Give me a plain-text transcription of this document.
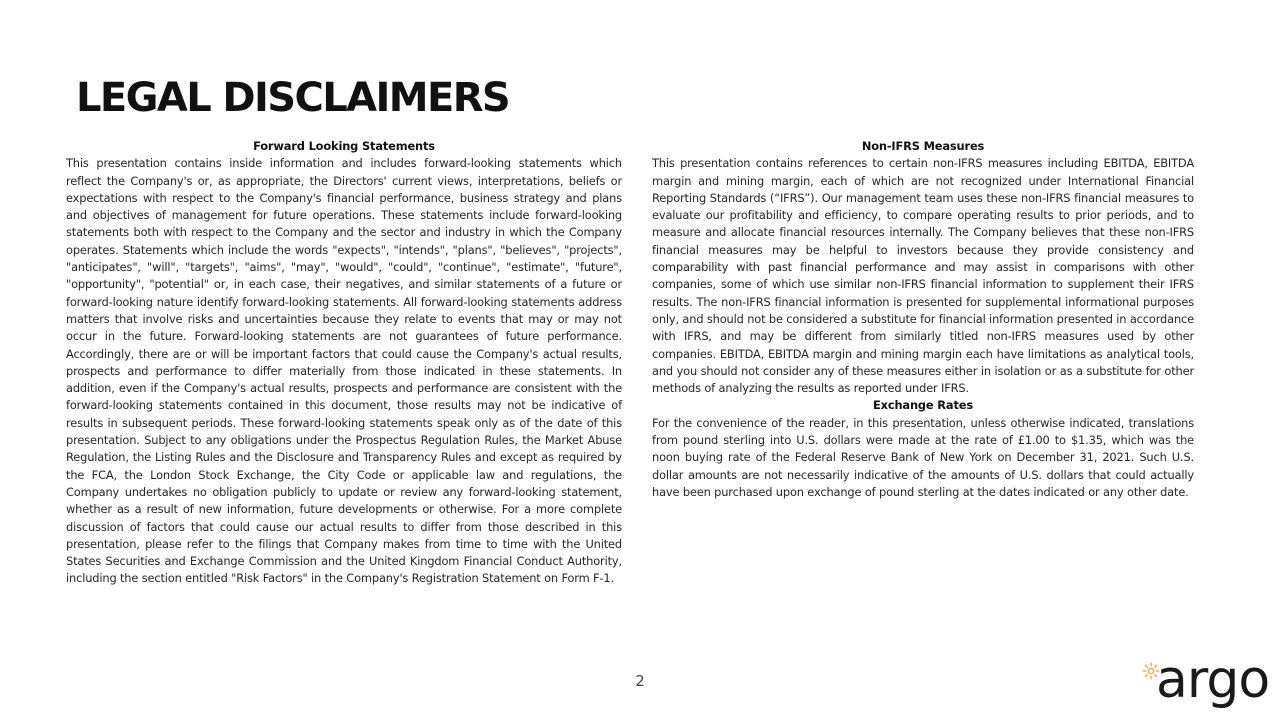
LEGAL DISCLAIMERS
Forward Looking Statements

This presentation contains inside information and includes forward-looking statements which reflect the Company's or, as appropriate, the Directors' current views, interpretations, beliefs or expectations with respect to the Company's financial performance, business strategy and plans and objectives of management for future operations. These statements include forward-looking statements both with respect to the Company and the sector and industry in which the Company operates. Statements which include the words "expects", "intends", "plans", "believes", "projects", "anticipates", "will", "targets", "aims", "may", "would", "could", "continue", "estimate", "future", "opportunity", "potential" or, in each case, their negatives, and similar statements of a future or forward-looking nature identify forward-looking statements. All forward-looking statements address matters that involve risks and uncertainties because they relate to events that may or may not occur in the future. Forward-looking statements are not guarantees of future performance. Accordingly, there are or will be important factors that could cause the Company's actual results, prospects and performance to differ materially from those indicated in these statements. In addition, even if the Company's actual results, prospects and performance are consistent with the forward-looking statements contained in this document, those results may not be indicative of results in subsequent periods. These forward-looking statements speak only as of the date of this presentation. Subject to any obligations under the Prospectus Regulation Rules, the Market Abuse Regulation, the Listing Rules and the Disclosure and Transparency Rules and except as required by the FCA, the London Stock Exchange, the City Code or applicable law and regulations, the Company undertakes no obligation publicly to update or review any forward-looking statement, whether as a result of new information, future developments or otherwise. For a more complete discussion of factors that could cause our actual results to differ from those described in this presentation, please refer to the filings that Company makes from time to time with the United States Securities and Exchange Commission and the United Kingdom Financial Conduct Authority, including the section entitled "Risk Factors" in the Company's Registration Statement on Form F-1.

Non-IFRS Measures

This presentation contains references to certain non-IFRS measures including EBITDA, EBITDA margin and mining margin, each of which are not recognized under International Financial Reporting Standards (“IFRS”). Our management team uses these non-IFRS financial measures to evaluate our profitability and efficiency, to compare operating results to prior periods, and to measure and allocate financial resources internally. The Company believes that these non-IFRS financial measures may be helpful to investors because they provide consistency and comparability with past financial performance and may assist in comparisons with other companies, some of which use similar non-IFRS financial information to supplement their IFRS results. The non-IFRS financial information is presented for supplemental informational purposes only, and should not be considered a substitute for financial information presented in accordance with IFRS, and may be different from similarly titled non-IFRS measures used by other companies. EBITDA, EBITDA margin and mining margin each have limitations as analytical tools, and you should not consider any of these measures either in isolation or as a substitute for other methods of analyzing the results as reported under IFRS.

Exchange Rates

For the convenience of the reader, in this presentation, unless otherwise indicated, translations from pound sterling into U.S. dollars were made at the rate of £1.00 to $1.35, which was the noon buying rate of the Federal Reserve Bank of New York on December 31, 2021. Such U.S. dollar amounts are not necessarily indicative of the amounts of U.S. dollars that could actually have been purchased upon exchange of pound sterling at the dates indicated or any other date.

2	argo
